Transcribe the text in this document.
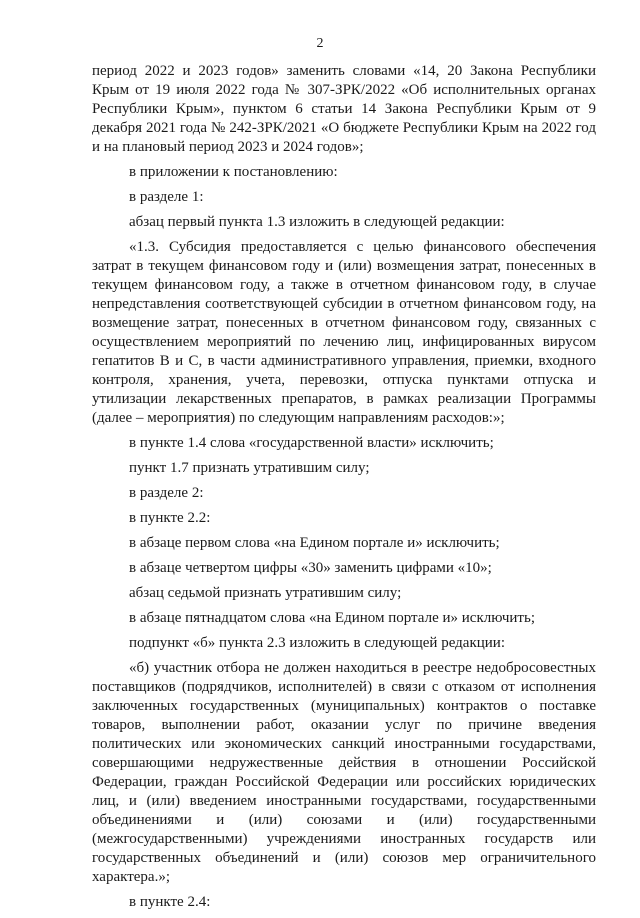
2

период 2022 и 2023 годов» заменить словами «14, 20 Закона Республики Крым от 19 июля 2022 года № 307-ЗРК/2022 «Об исполнительных органах Республики Крым», пунктом 6 статьи 14 Закона Республики Крым от 9 декабря 2021 года № 242-ЗРК/2021 «О бюджете Республики Крым на 2022 год и на плановый период 2023 и 2024 годов»;

в приложении к постановлению:

в разделе 1:

абзац первый пункта 1.3 изложить в следующей редакции:

«1.3. Субсидия предоставляется с целью финансового обеспечения затрат в текущем финансовом году и (или) возмещения затрат, понесенных в текущем финансовом году, а также в отчетном финансовом году, в случае непредставления соответствующей субсидии в отчетном финансовом году, на возмещение затрат, понесенных в отчетном финансовом году, связанных с осуществлением мероприятий по лечению лиц, инфицированных вирусом гепатитов В и С, в части административного управления, приемки, входного контроля, хранения, учета, перевозки, отпуска пунктами отпуска и утилизации лекарственных препаратов, в рамках реализации Программы (далее – мероприятия) по следующим направлениям расходов:»;

в пункте 1.4 слова «государственной власти» исключить;

пункт 1.7 признать утратившим силу;

в разделе 2:

в пункте 2.2:

в абзаце первом слова «на Едином портале и» исключить;

в абзаце четвертом цифры «30» заменить цифрами «10»;

абзац седьмой признать утратившим силу;

в абзаце пятнадцатом слова «на Едином портале и» исключить;

подпункт «б» пункта 2.3 изложить в следующей редакции:

«б) участник отбора не должен находиться в реестре недобросовестных поставщиков (подрядчиков, исполнителей) в связи с отказом от исполнения заключенных государственных (муниципальных) контрактов о поставке товаров, выполнении работ, оказании услуг по причине введения политических или экономических санкций иностранными государствами, совершающими недружественные действия в отношении Российской Федерации, граждан Российской Федерации или российских юридических лиц, и (или) введением иностранными государствами, государственными объединениями и (или) союзами и (или) государственными (межгосударственными) учреждениями иностранных государств или государственных объединений и (или) союзов мер ограничительного характера.»;

в пункте 2.4:
